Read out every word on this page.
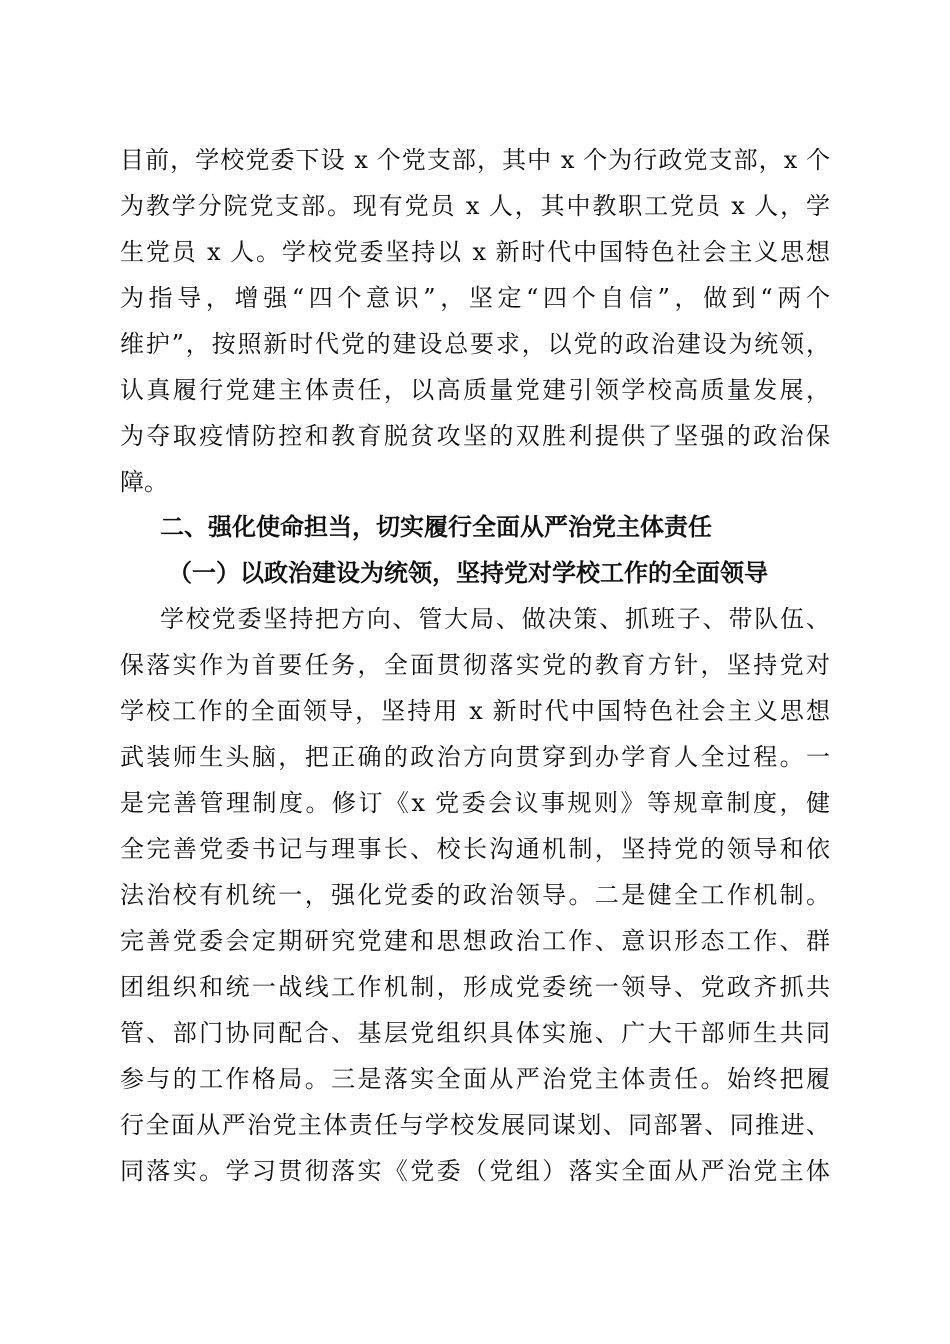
目前，学校党委下设 x 个党支部，其中 x 个为行政党支部，x 个
为教学分院党支部。现有党员 x 人，其中教职工党员 x 人，学
生党员 x 人。学校党委坚持以 x 新时代中国特色社会主义思想
为指导，增强“四个意识”，坚定“四个自信”，做到“两个
维护”，按照新时代党的建设总要求，以党的政治建设为统领，
认真履行党建主体责任，以高质量党建引领学校高质量发展，
为夺取疫情防控和教育脱贫攻坚的双胜利提供了坚强的政治保
障。
二、强化使命担当，切实履行全面从严治党主体责任
（一）以政治建设为统领，坚持党对学校工作的全面领导
学校党委坚持把方向、管大局、做决策、抓班子、带队伍、
保落实作为首要任务，全面贯彻落实党的教育方针，坚持党对
学校工作的全面领导，坚持用 x 新时代中国特色社会主义思想
武装师生头脑，把正确的政治方向贯穿到办学育人全过程。一
是完善管理制度。修订《x 党委会议事规则》等规章制度，健
全完善党委书记与理事长、校长沟通机制，坚持党的领导和依
法治校有机统一，强化党委的政治领导。二是健全工作机制。
完善党委会定期研究党建和思想政治工作、意识形态工作、群
团组织和统一战线工作机制，形成党委统一领导、党政齐抓共
管、部门协同配合、基层党组织具体实施、广大干部师生共同
参与的工作格局。三是落实全面从严治党主体责任。始终把履
行全面从严治党主体责任与学校发展同谋划、同部署、同推进、
同落实。学习贯彻落实《党委（党组）落实全面从严治党主体
